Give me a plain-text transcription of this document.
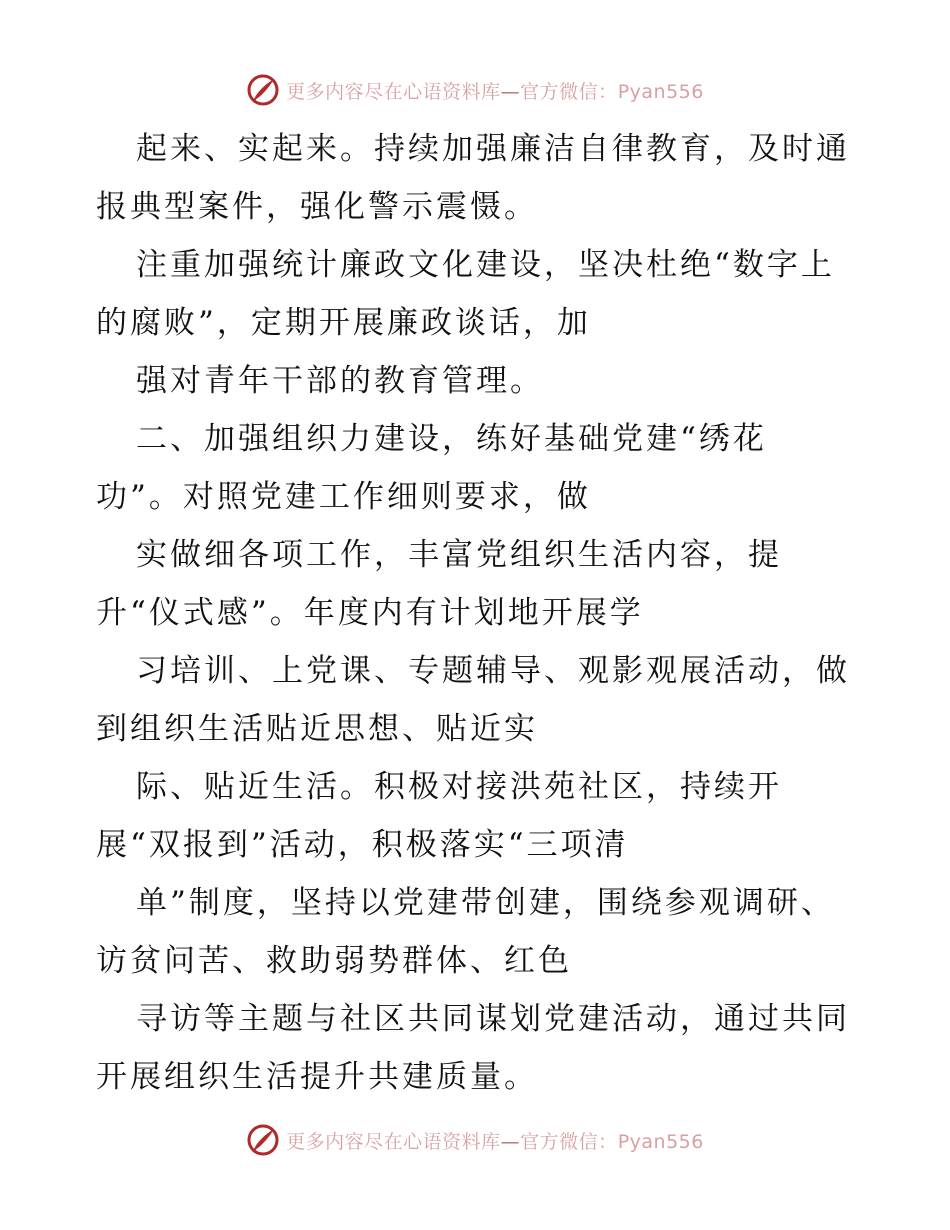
更多内容尽在心语资料库—官方微信：Pyan556
起来、实起来。持续加强廉洁自律教育，及时通
报典型案件，强化警示震慑。
注重加强统计廉政文化建设，坚决杜绝“数字上
的腐败”，定期开展廉政谈话，加
强对青年干部的教育管理。
二、加强组织力建设，练好基础党建“绣花
功”。对照党建工作细则要求，做
实做细各项工作，丰富党组织生活内容，提
升“仪式感”。年度内有计划地开展学
习培训、上党课、专题辅导、观影观展活动，做
到组织生活贴近思想、贴近实
际、贴近生活。积极对接洪苑社区，持续开
展“双报到”活动，积极落实“三项清
单”制度，坚持以党建带创建，围绕参观调研、
访贫问苦、救助弱势群体、红色
寻访等主题与社区共同谋划党建活动，通过共同
开展组织生活提升共建质量。
更多内容尽在心语资料库—官方微信：Pyan556
